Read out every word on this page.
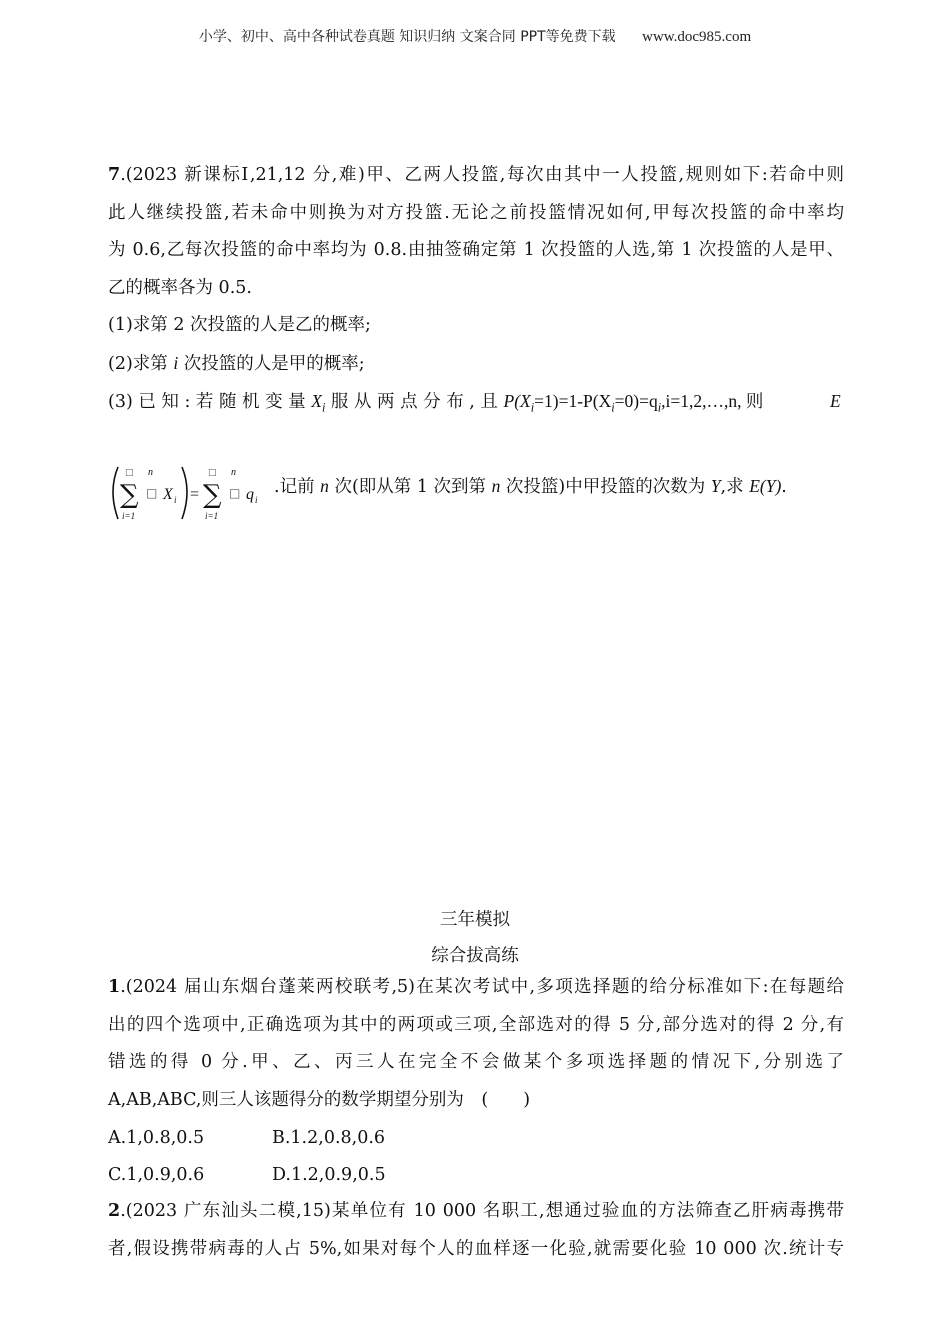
小学、初中、高中各种试卷真题 知识归纳 文案合同 PPT等免费下载 www.doc985.com

7.(2023 新课标Ⅰ,21,12 分,难)甲、乙两人投篮,每次由其中一人投篮,规则如下:若命中则

此人继续投篮,若未命中则换为对方投篮.无论之前投篮情况如何,甲每次投篮的命中率均

为 0.6,乙每次投篮的命中率均为 0.8.由抽签确定第 1 次投篮的人选,第 1 次投篮的人是甲、

乙的概率各为 0.5.

(1)求第 2 次投篮的人是乙的概率;

(2)求第 i 次投篮的人是甲的概率;

(3) 已 知 : 若 随 机 变 量 $X_i$ 服 从 两 点 分 布 , 且 $P(X_i=1)=1-P(X_i=0)=q_i,i=1,2,\dots,n$, 则	E

∑
n
i=1
□
□ X i = ∑
n
i=1
□
□ q i
.记前 n 次(即从第 1 次到第 n 次投篮)中甲投篮的次数为 Y,求 E(Y).
三年模拟
综合拔高练

1.(2024 届山东烟台蓬莱两校联考,5)在某次考试中,多项选择题的给分标准如下:在每题给

出的四个选项中,正确选项为其中的两项或三项,全部选对的得 5 分,部分选对的得 2 分,有

错选的得 0 分.甲、乙、丙三人在完全不会做某个多项选择题的情况下,分别选了

A,AB,ABC,则三人该题得分的数学期望分别为　(　　)

A.1,0.8,0.5	B.1.2,0.8,0.6
C.1,0.9,0.6	D.1.2,0.9,0.5

2.(2023 广东汕头二模,15)某单位有 10 000 名职工,想通过验血的方法筛查乙肝病毒携带

者,假设携带病毒的人占 5%,如果对每个人的血样逐一化验,就需要化验 10 000 次.统计专
